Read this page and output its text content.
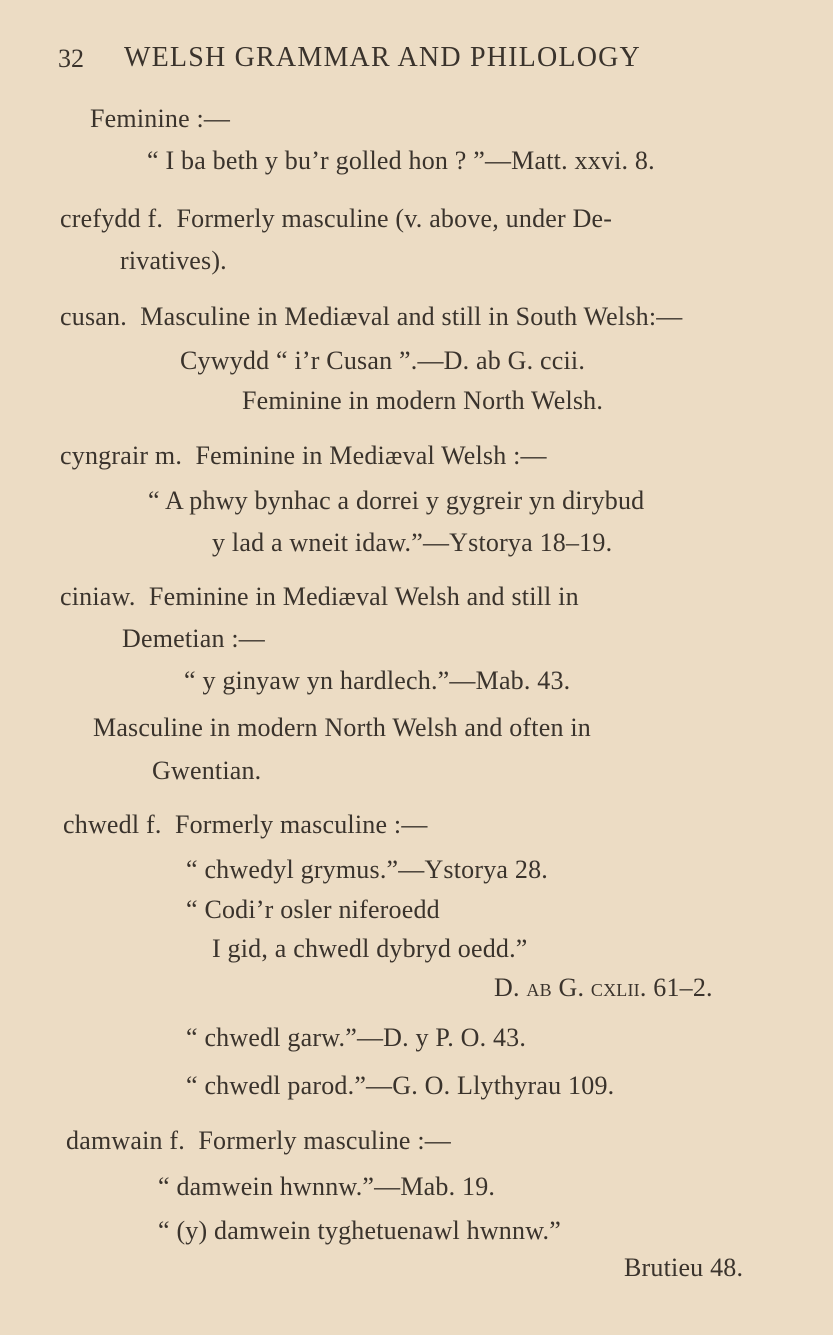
32 WELSH GRAMMAR AND PHILOLOGY
Feminine :—
“ I ba beth y bu’r golled hon ? ”—Matt. xxvi. 8.
crefydd f.  Formerly masculine (v. above, under De-
rivatives).
cusan.  Masculine in Mediæval and still in South Welsh:—
Cywydd “ i’r Cusan ”.—D. ab G. ccii.
Feminine in modern North Welsh.
cyngrair m.  Feminine in Mediæval Welsh :—
“ A phwy bynhac a dorrei y gygreir yn dirybud
y lad a wneit idaw.”—Ystorya 18–19.
ciniaw.  Feminine in Mediæval Welsh and still in
Demetian :—
“ y ginyaw yn hardlech.”—Mab. 43.
Masculine in modern North Welsh and often in
Gwentian.
chwedl f.  Formerly masculine :—
“ chwedyl grymus.”—Ystorya 28.
“ Codi’r osler niferoedd
I gid, a chwedl dybryd oedd.”
D. ab G. cxlii. 61–2.
“ chwedl garw.”—D. y P. O. 43.
“ chwedl parod.”—G. O. Llythyrau 109.
damwain f.  Formerly masculine :—
“ damwein hwnnw.”—Mab. 19.
“ (y) damwein tyghetuenawl hwnnw.”
Brutieu 48.
